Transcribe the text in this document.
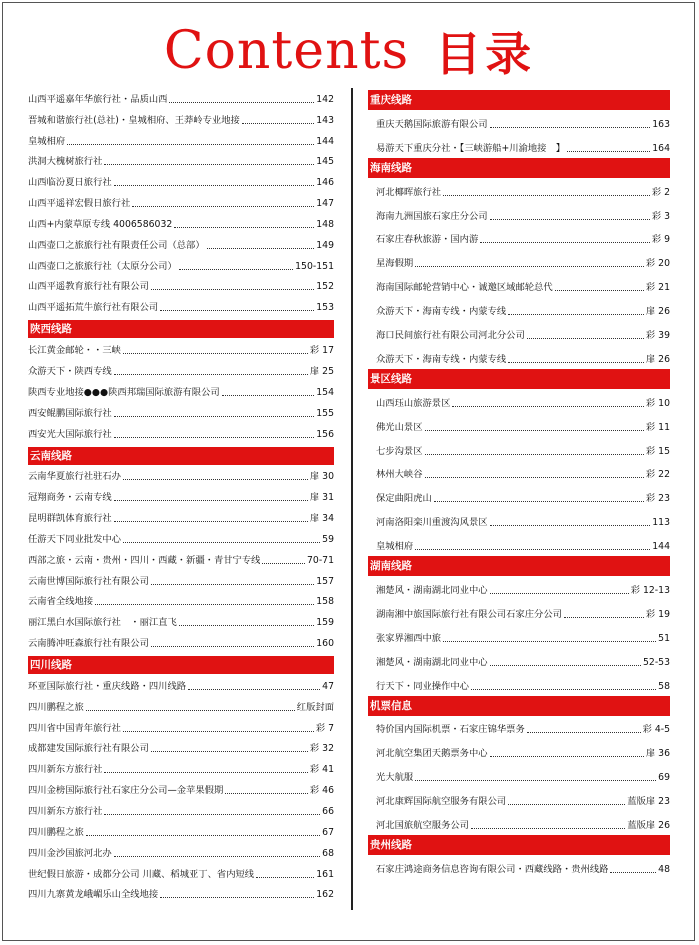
Contents 目录
山西平遥嘉年华旅行社・品质山西	142
晋城和谐旅行社(总社)・皇城相府、王莽岭专业地接	143
皇城相府	144
洪洞大槐树旅行社	145
山西临汾夏日旅行社	146
山西平遥祥宏假日旅行社	147
山西+内蒙草原专线 4006586032	148
山西壶口之旅旅行社有限责任公司（总部）	149
山西壶口之旅旅行社（太原分公司）	150-151
山西平遥教育旅行社有限公司	152
山西平遥拓荒牛旅行社有限公司	153
陕西线路
长江黄金邮轮・・三峡	彩 17
众游天下・陕西专线	扉 25
陕西专业地接●●●陕西邦瑞国际旅游有限公司	154
西安鲲鹏国际旅行社	155
西安光大国际旅行社	156
云南线路
云南华夏旅行社驻石办	扉 30
冠翔商务・云南专线	扉 31
昆明群凯体育旅行社	扉 34
任游天下同业批发中心	59
西部之旅・云南・贵州・四川・西藏・新疆・青甘宁专线	70-71
云南世博国际旅行社有限公司	157
云南省全线地接	158
丽江黑白水国际旅行社　・丽江直飞	159
云南腾冲旺森旅行社有限公司	160
四川线路
环亚国际旅行社・重庆线路・四川线路	47
四川鹏程之旅	红版封面
四川省中国青年旅行社	彩 7
成都建发国际旅行社有限公司	彩 32
四川新东方旅行社	彩 41
四川金榜国际旅行社石家庄分公司—金苹果假期	彩 46
四川新东方旅行社	66
四川鹏程之旅	67
四川金沙国旅河北办	68
世纪假日旅游・成都分公司 川藏、稻城亚丁、省内短线	161
四川九寨黄龙峨嵋乐山全线地接	162
重庆线路
重庆天鹅国际旅游有限公司	163
易游天下重庆分社・【三峡游船+川渝地接　】	164
海南线路
河北椰晖旅行社	彩 2
海南九洲国旅石家庄分公司	彩 3
石家庄春秋旅游・国内游	彩 9
星海假期	彩 20
海南国际邮轮营销中心・诚邀区域邮轮总代	彩 21
众游天下・海南专线・内蒙专线	扉 26
海口民间旅行社有限公司河北分公司	彩 39
众游天下・海南专线・内蒙专线	扉 26
景区线路
山西珏山旅游景区	彩 10
佛光山景区	彩 11
七步沟景区	彩 15
林州大峡谷	彩 22
保定曲阳虎山	彩 23
河南洛阳栾川重渡沟风景区	113
皇城相府	144
湖南线路
湘楚风・湖南湖北同业中心	彩 12-13
湖南湘中旅国际旅行社有限公司石家庄分公司	彩 19
张家界湘西中旅	51
湘楚风・湖南湖北同业中心	52-53
行天下・同业操作中心	58
机票信息
特价国内国际机票・石家庄锦华票务	彩 4-5
河北航空集团天鹅票务中心	扉 36
光大航服	69
河北康辉国际航空服务有限公司	蓝版扉 23
河北国旅航空服务公司	蓝版扉 26
贵州线路
石家庄鸿途商务信息咨询有限公司・西藏线路・贵州线路	48
